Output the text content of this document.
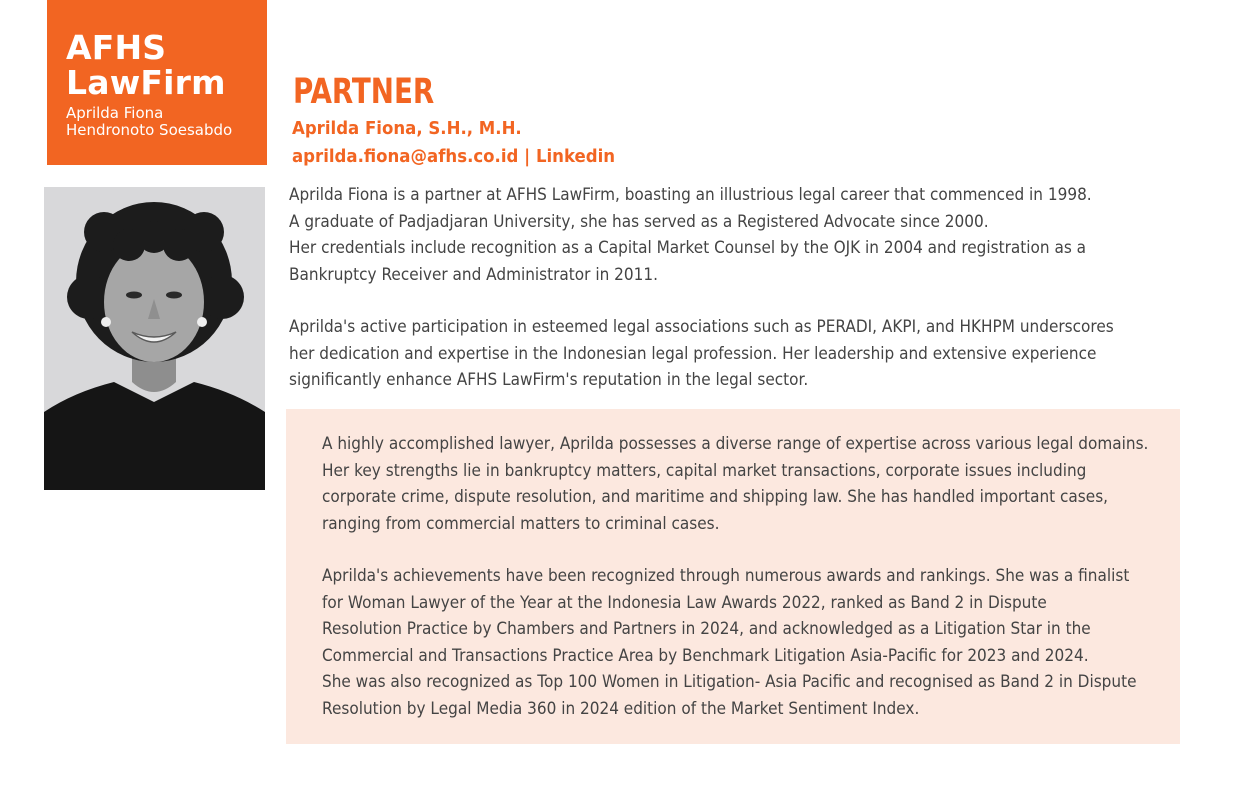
AFHS
LawFirm
Aprilda Fiona
Hendronoto Soesabdo
PARTNER
Aprilda Fiona, S.H., M.H.
aprilda.fiona@afhs.co.id | Linkedin

Aprilda Fiona is a partner at AFHS LawFirm, boasting an illustrious legal career that commenced in 1998.
A graduate of Padjadjaran University, she has served as a Registered Advocate since 2000.
Her credentials include recognition as a Capital Market Counsel by the OJK in 2004 and registration as a
Bankruptcy Receiver and Administrator in 2011.

Aprilda's active participation in esteemed legal associations such as PERADI, AKPI, and HKHPM underscores
her dedication and expertise in the Indonesian legal profession. Her leadership and extensive experience
significantly enhance AFHS LawFirm's reputation in the legal sector.

A highly accomplished lawyer, Aprilda possesses a diverse range of expertise across various legal domains.
Her key strengths lie in bankruptcy matters, capital market transactions, corporate issues including
corporate crime, dispute resolution, and maritime and shipping law. She has handled important cases,
ranging from commercial matters to criminal cases.

Aprilda's achievements have been recognized through numerous awards and rankings. She was a finalist
for Woman Lawyer of the Year at the Indonesia Law Awards 2022, ranked as Band 2 in Dispute
Resolution Practice by Chambers and Partners in 2024, and acknowledged as a Litigation Star in the
Commercial and Transactions Practice Area by Benchmark Litigation Asia-Pacific for 2023 and 2024.
She was also recognized as Top 100 Women in Litigation- Asia Pacific and recognised as Band 2 in Dispute
Resolution by Legal Media 360 in 2024 edition of the Market Sentiment Index.
